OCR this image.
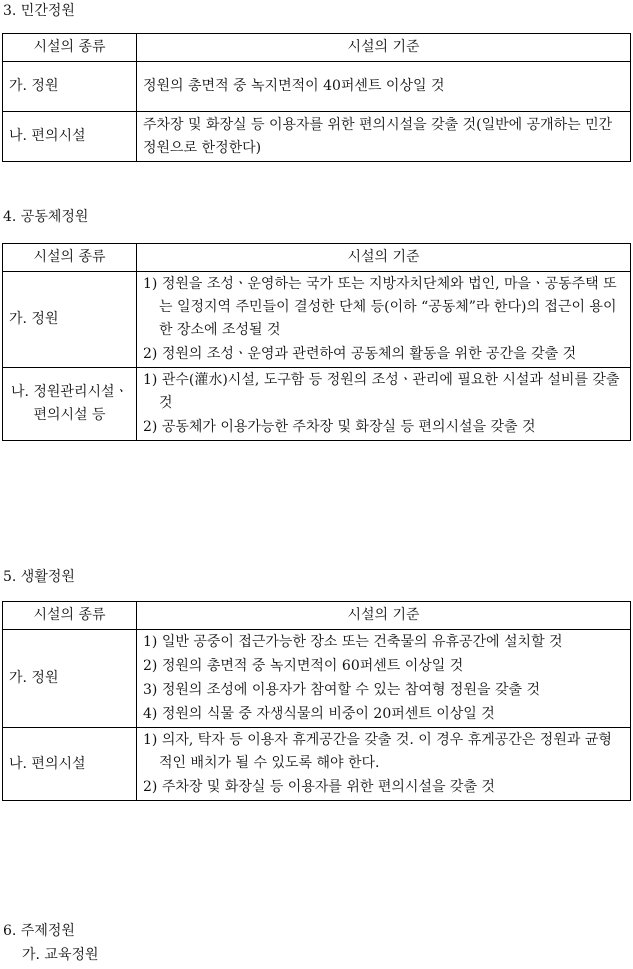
3. 민간정원
시설의 종류	시설의 기준
가. 정원	정원의 총면적 중 녹지면적이 40퍼센트 이상일 것

나. 편의시설	주차장 및 화장실 등 이용자를 위한 편의시설을 갖출 것(일반에 공개하는 민간정원으로 한정한다)

4. 공동체정원
시설의 종류	시설의 기준
가. 정원	1) 정원을 조성ㆍ운영하는 국가 또는 지방자치단체와 법인, 마을ㆍ공동주택 또는 일정지역 주민들이 결성한 단체 등(이하 “공동체”라 한다)의 접근이 용이한 장소에 조성될 것

2) 정원의 조성ㆍ운영과 관련하여 공동체의 활동을 위한 공간을 갖출 것

나. 정원관리시설ㆍ편의시설 등	1) 관수(灌水)시설, 도구함 등 정원의 조성ㆍ관리에 필요한 시설과 설비를 갖출 것

2) 공동체가 이용가능한 주차장 및 화장실 등 편의시설을 갖출 것

5. 생활정원
시설의 종류	시설의 기준
가. 정원	1) 일반 공중이 접근가능한 장소 또는 건축물의 유휴공간에 설치할 것

2) 정원의 총면적 중 녹지면적이 60퍼센트 이상일 것

3) 정원의 조성에 이용자가 참여할 수 있는 참여형 정원을 갖출 것

4) 정원의 식물 중 자생식물의 비중이 20퍼센트 이상일 것

나. 편의시설	1) 의자, 탁자 등 이용자 휴게공간을 갖출 것. 이 경우 휴게공간은 정원과 균형적인 배치가 될 수 있도록 해야 한다.

2) 주차장 및 화장실 등 이용자를 위한 편의시설을 갖출 것

6. 주제정원
가. 교육정원
